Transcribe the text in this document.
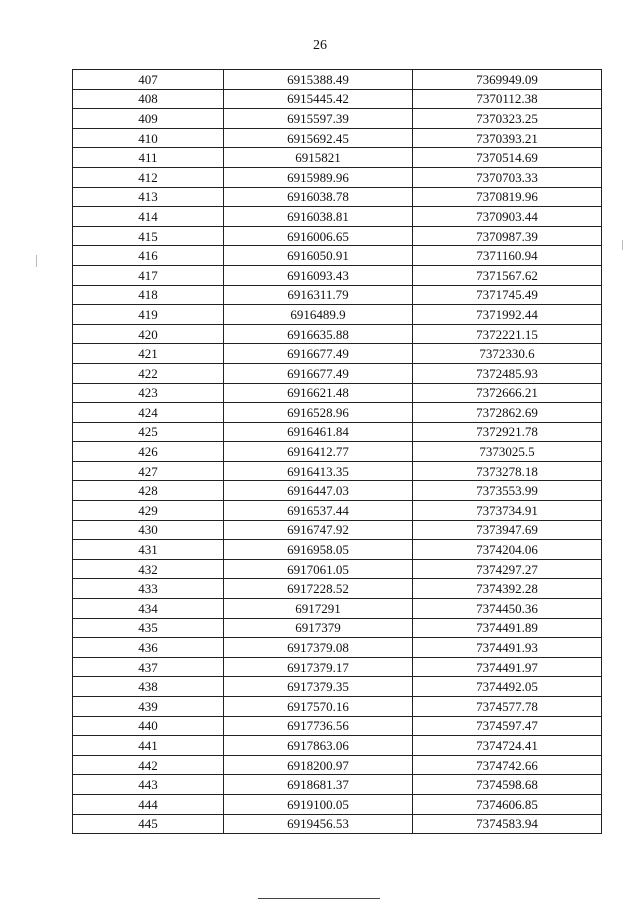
26
407	6915388.49	7369949.09
408	6915445.42	7370112.38
409	6915597.39	7370323.25
410	6915692.45	7370393.21
411	6915821	7370514.69
412	6915989.96	7370703.33
413	6916038.78	7370819.96
414	6916038.81	7370903.44
415	6916006.65	7370987.39
416	6916050.91	7371160.94
417	6916093.43	7371567.62
418	6916311.79	7371745.49
419	6916489.9	7371992.44
420	6916635.88	7372221.15
421	6916677.49	7372330.6
422	6916677.49	7372485.93
423	6916621.48	7372666.21
424	6916528.96	7372862.69
425	6916461.84	7372921.78
426	6916412.77	7373025.5
427	6916413.35	7373278.18
428	6916447.03	7373553.99
429	6916537.44	7373734.91
430	6916747.92	7373947.69
431	6916958.05	7374204.06
432	6917061.05	7374297.27
433	6917228.52	7374392.28
434	6917291	7374450.36
435	6917379	7374491.89
436	6917379.08	7374491.93
437	6917379.17	7374491.97
438	6917379.35	7374492.05
439	6917570.16	7374577.78
440	6917736.56	7374597.47
441	6917863.06	7374724.41
442	6918200.97	7374742.66
443	6918681.37	7374598.68
444	6919100.05	7374606.85
445	6919456.53	7374583.94
